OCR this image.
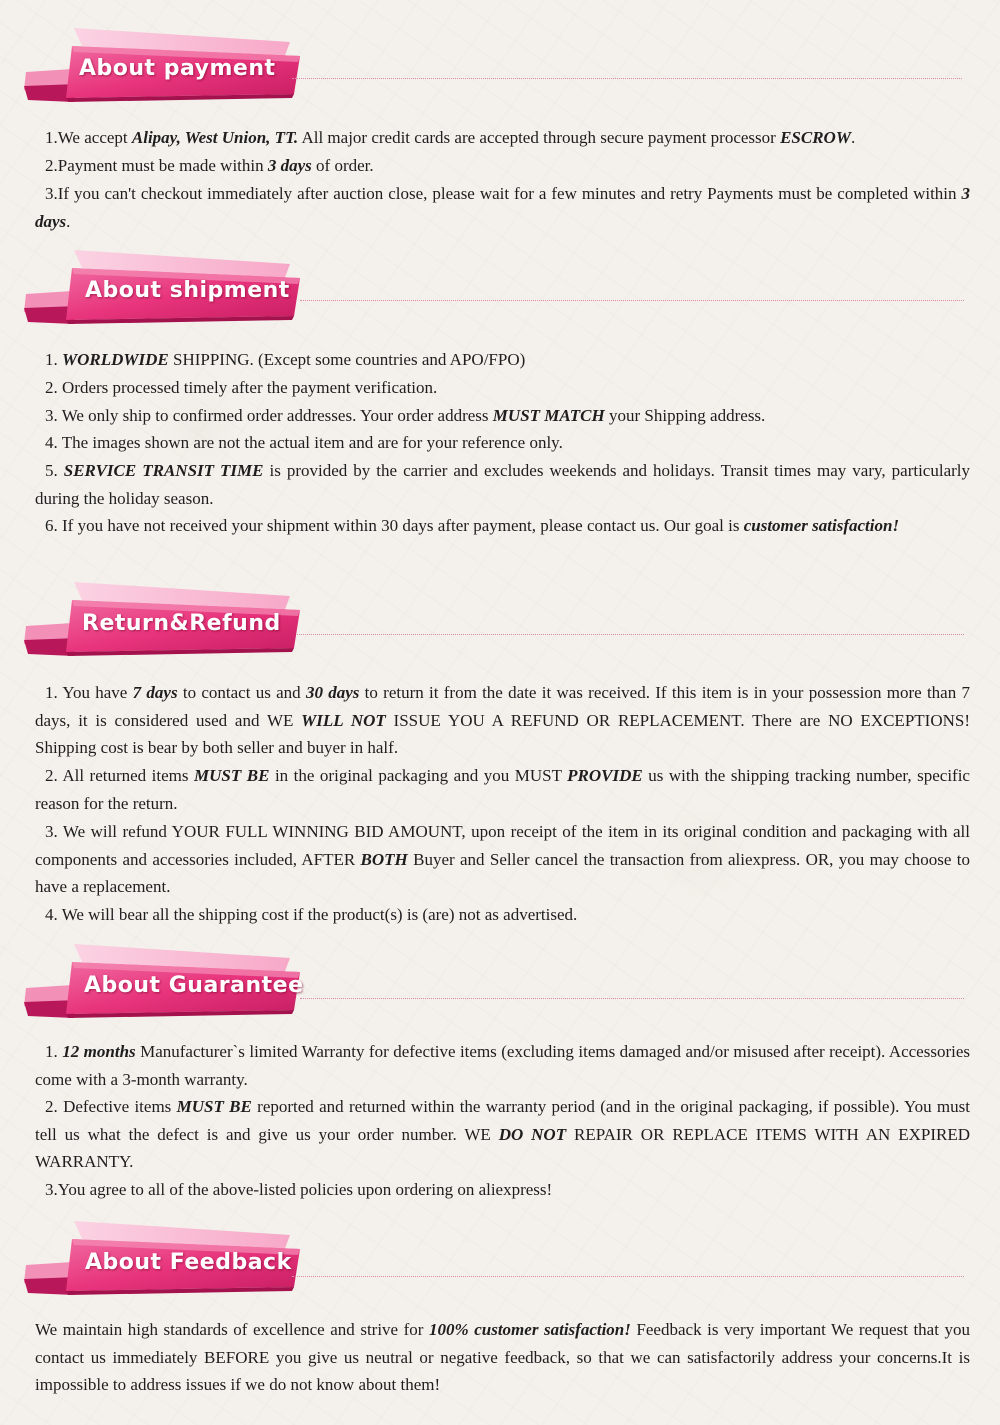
About payment

1.We accept Alipay, West Union, TT. All major credit cards are accepted through secure payment processor ESCROW.

2.Payment must be made within 3 days of order.

3.If you can't checkout immediately after auction close, please wait for a few minutes and retry Payments must be completed within 3 days.

About shipment

1. WORLDWIDE SHIPPING. (Except some countries and APO/FPO)

2. Orders processed timely after the payment verification.

3. We only ship to confirmed order addresses. Your order address MUST MATCH your Shipping address.

4. The images shown are not the actual item and are for your reference only.

5. SERVICE TRANSIT TIME is provided by the carrier and excludes weekends and holidays. Transit times may vary, particularly during the holiday season.

6. If you have not received your shipment within 30 days after payment, please contact us. Our goal is customer satisfaction!

Return&Refund

1. You have 7 days to contact us and 30 days to return it from the date it was received. If this item is in your possession more than 7 days, it is considered used and WE WILL NOT ISSUE YOU A REFUND OR REPLACEMENT. There are NO EXCEPTIONS! Shipping cost is bear by both seller and buyer in half.

2. All returned items MUST BE in the original packaging and you MUST PROVIDE us with the shipping tracking number, specific reason for the return.

3. We will refund YOUR FULL WINNING BID AMOUNT, upon receipt of the item in its original condition and packaging with all components and accessories included, AFTER BOTH Buyer and Seller cancel the transaction from aliexpress. OR, you may choose to have a replacement.

4. We will bear all the shipping cost if the product(s) is (are) not as advertised.

About Guarantee

1. 12 months Manufacturer`s limited Warranty for defective items (excluding items damaged and/or misused after receipt). Accessories come with a 3-month warranty.

2. Defective items MUST BE reported and returned within the warranty period (and in the original packaging, if possible). You must tell us what the defect is and give us your order number. WE DO NOT REPAIR OR REPLACE ITEMS WITH AN EXPIRED WARRANTY.

3.You agree to all of the above-listed policies upon ordering on aliexpress!

About Feedback

We maintain high standards of excellence and strive for 100% customer satisfaction! Feedback is very important We request that you contact us immediately BEFORE you give us neutral or negative feedback, so that we can satisfactorily address your concerns.It is impossible to address issues if we do not know about them!
